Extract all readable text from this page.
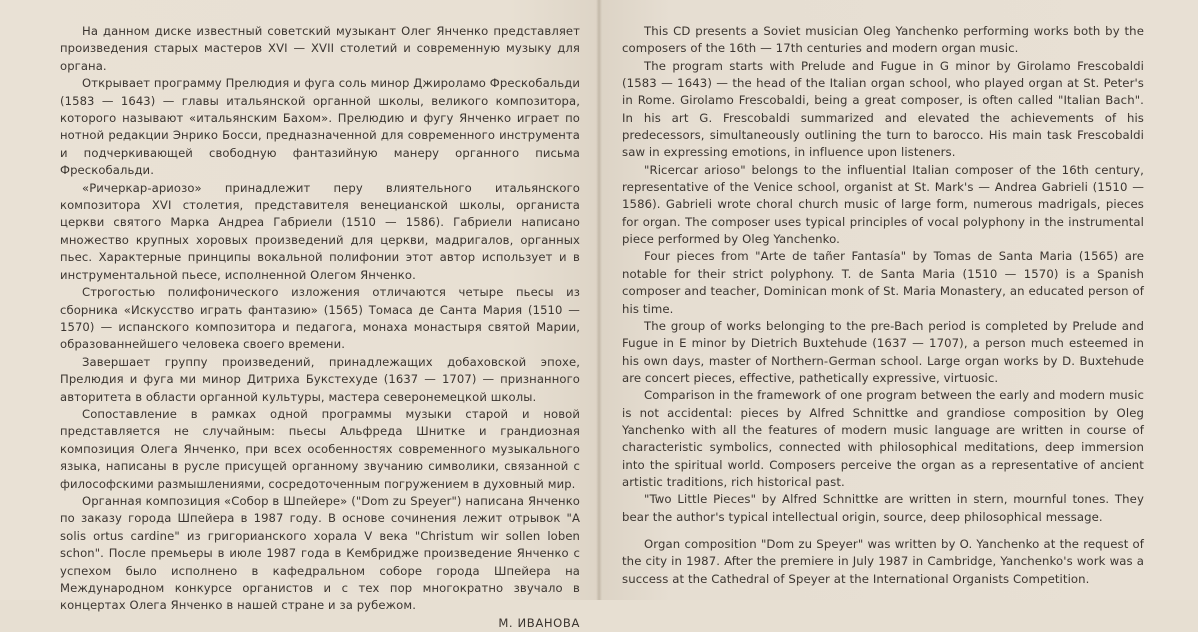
На данном диске известный советский музыкант Олег Янченко представляет произведения старых мастеров XVI — XVII столетий и современную музыку для органа.

Открывает программу Прелюдия и фуга соль минор Джироламо Фрескобальди (1583 — 1643) — главы итальянской органной школы, великого композитора, которого называют «итальянским Бахом». Прелюдию и фугу Янченко играет по нотной редакции Энрико Босси, предназначенной для современного инструмента и подчеркивающей свободную фантазийную манеру органного письма Фрескобальди.

«Ричеркар-ариозо» принадлежит перу влиятельного итальянского композитора XVI столетия, представителя венецианской школы, органиста церкви святого Марка Андреа Габриели (1510 — 1586). Габриели написано множество крупных хоровых произведений для церкви, мадригалов, органных пьес. Характерные принципы вокальной полифонии этот автор использует и в инструментальной пьесе, исполненной Олегом Янченко.

Строгостью полифонического изложения отличаются четыре пьесы из сборника «Искусство играть фантазию» (1565) Томаса де Санта Мария (1510 — 1570) — испанского композитора и педагога, монаха монастыря святой Марии, образованнейшего человека своего времени.

Завершает группу произведений, принадлежащих добаховской эпохе, Прелюдия и фуга ми минор Дитриха Букстехуде (1637 — 1707) — признанного авторитета в области органной культуры, мастера северонемецкой школы.

Сопоставление в рамках одной программы музыки старой и новой представляется не случайным: пьесы Альфреда Шнитке и грандиозная композиция Олега Янченко, при всех особенностях современного музыкального языка, написаны в русле присущей органному звучанию символики, связанной с философскими размышлениями, сосредоточенным погружением в духовный мир.

Органная композиция «Собор в Шпейере» ("Dom zu Speyer") написана Янченко по заказу города Шпейера в 1987 году. В основе сочинения лежит отрывок "A solis ortus cardine" из григорианского хорала V века "Christum wir sollen loben schon". После премьеры в июле 1987 года в Кембридже произведение Янченко с успехом было исполнено в кафедральном соборе города Шпейера на Международном конкурсе органистов и с тех пор многократно звучало в концертах Олега Янченко в нашей стране и за рубежом.

М. ИВАНОВА

This CD presents a Soviet musician Oleg Yanchenko performing works both by the composers of the 16th — 17th centuries and modern organ music.

The program starts with Prelude and Fugue in G minor by Girolamo Frescobaldi (1583 — 1643) — the head of the Italian organ school, who played organ at St. Peter's in Rome. Girolamo Frescobaldi, being a great composer, is often called "Italian Bach". In his art G. Frescobaldi summarized and elevated the achievements of his predecessors, simultaneously outlining the turn to barocco. His main task Frescobaldi saw in expressing emotions, in influence upon listeners.

"Ricercar arioso" belongs to the influential Italian composer of the 16th century, representative of the Venice school, organist at St. Mark's — Andrea Gabrieli (1510 — 1586). Gabrieli wrote choral church music of large form, numerous madrigals, pieces for organ. The composer uses typical principles of vocal polyphony in the instrumental piece performed by Oleg Yanchenko.

Four pieces from "Arte de tañer Fantasía" by Tomas de Santa Maria (1565) are notable for their strict polyphony. T. de Santa Maria (1510 — 1570) is a Spanish composer and teacher, Dominican monk of St. Maria Monastery, an educated person of his time.

The group of works belonging to the pre-Bach period is completed by Prelude and Fugue in E minor by Dietrich Buxtehude (1637 — 1707), a person much esteemed in his own days, master of Northern-German school. Large organ works by D. Buxtehude are concert pieces, effective, pathetically expressive, virtuosic.

Comparison in the framework of one program between the early and modern music is not accidental: pieces by Alfred Schnittke and grandiose composition by Oleg Yanchenko with all the features of modern music language are written in course of characteristic symbolics, connected with philosophical meditations, deep immersion into the spiritual world. Composers perceive the organ as a representative of ancient artistic traditions, rich historical past.

"Two Little Pieces" by Alfred Schnittke are written in stern, mournful tones. They bear the author's typical intellectual origin, source, deep philosophical message.

Organ composition "Dom zu Speyer" was written by O. Yanchenko at the request of the city in 1987. After the premiere in July 1987 in Cambridge, Yanchenko's work was a success at the Cathedral of Speyer at the International Organists Competition.
